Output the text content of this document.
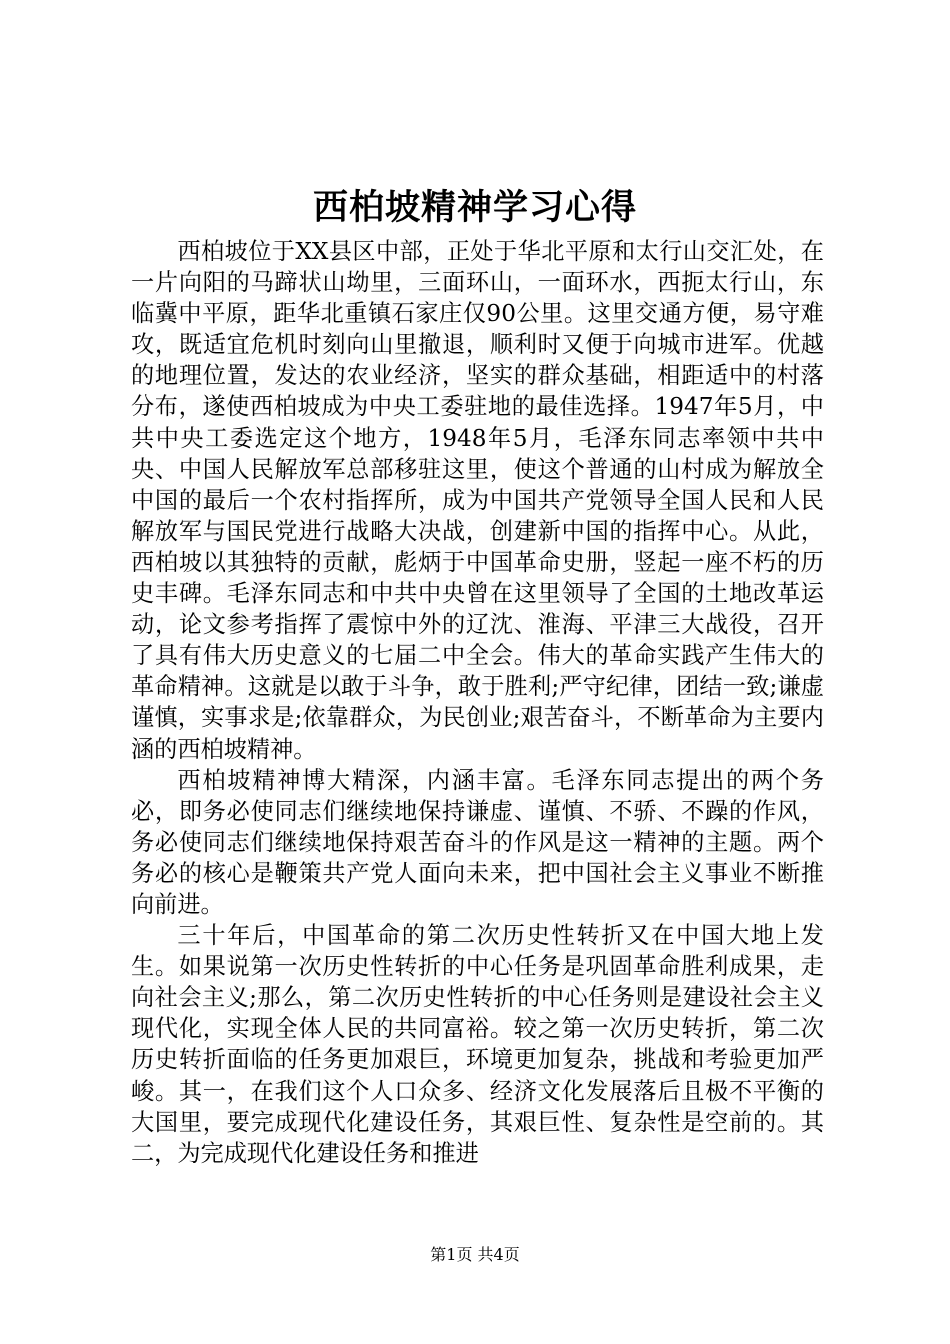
西柏坡精神学习心得

西柏坡位于XX县区中部，正处于华北平原和太行山交汇处，在一片向阳的马蹄状山坳里，三面环山，一面环水，西扼太行山，东临冀中平原，距华北重镇石家庄仅90公里。这里交通方便，易守难攻，既适宜危机时刻向山里撤退，顺利时又便于向城市进军。优越的地理位置，发达的农业经济，坚实的群众基础，相距适中的村落分布，遂使西柏坡成为中央工委驻地的最佳选择。1947年5月，中共中央工委选定这个地方，1948年5月，毛泽东同志率领中共中央、中国人民解放军总部移驻这里，使这个普通的山村成为解放全中国的最后一个农村指挥所，成为中国共产党领导全国人民和人民解放军与国民党进行战略大决战，创建新中国的指挥中心。从此，西柏坡以其独特的贡献，彪炳于中国革命史册，竖起一座不朽的历史丰碑。毛泽东同志和中共中央曾在这里领导了全国的土地改革运动，论文参考指挥了震惊中外的辽沈、淮海、平津三大战役，召开了具有伟大历史意义的七届二中全会。伟大的革命实践产生伟大的革命精神。这就是以敢于斗争，敢于胜利;严守纪律，团结一致;谦虚谨慎，实事求是;依靠群众，为民创业;艰苦奋斗，不断革命为主要内涵的西柏坡精神。

西柏坡精神博大精深，内涵丰富。毛泽东同志提出的两个务必，即务必使同志们继续地保持谦虚、谨慎、不骄、不躁的作风，务必使同志们继续地保持艰苦奋斗的作风是这一精神的主题。两个务必的核心是鞭策共产党人面向未来，把中国社会主义事业不断推向前进。

三十年后，中国革命的第二次历史性转折又在中国大地上发生。如果说第一次历史性转折的中心任务是巩固革命胜利成果，走向社会主义;那么，第二次历史性转折的中心任务则是建设社会主义现代化，实现全体人民的共同富裕。较之第一次历史转折，第二次历史转折面临的任务更加艰巨，环境更加复杂，挑战和考验更加严峻。其一，在我们这个人口众多、经济文化发展落后且极不平衡的大国里，要完成现代化建设任务，其艰巨性、复杂性是空前的。其二，为完成现代化建设任务和推进

第1页 共4页
